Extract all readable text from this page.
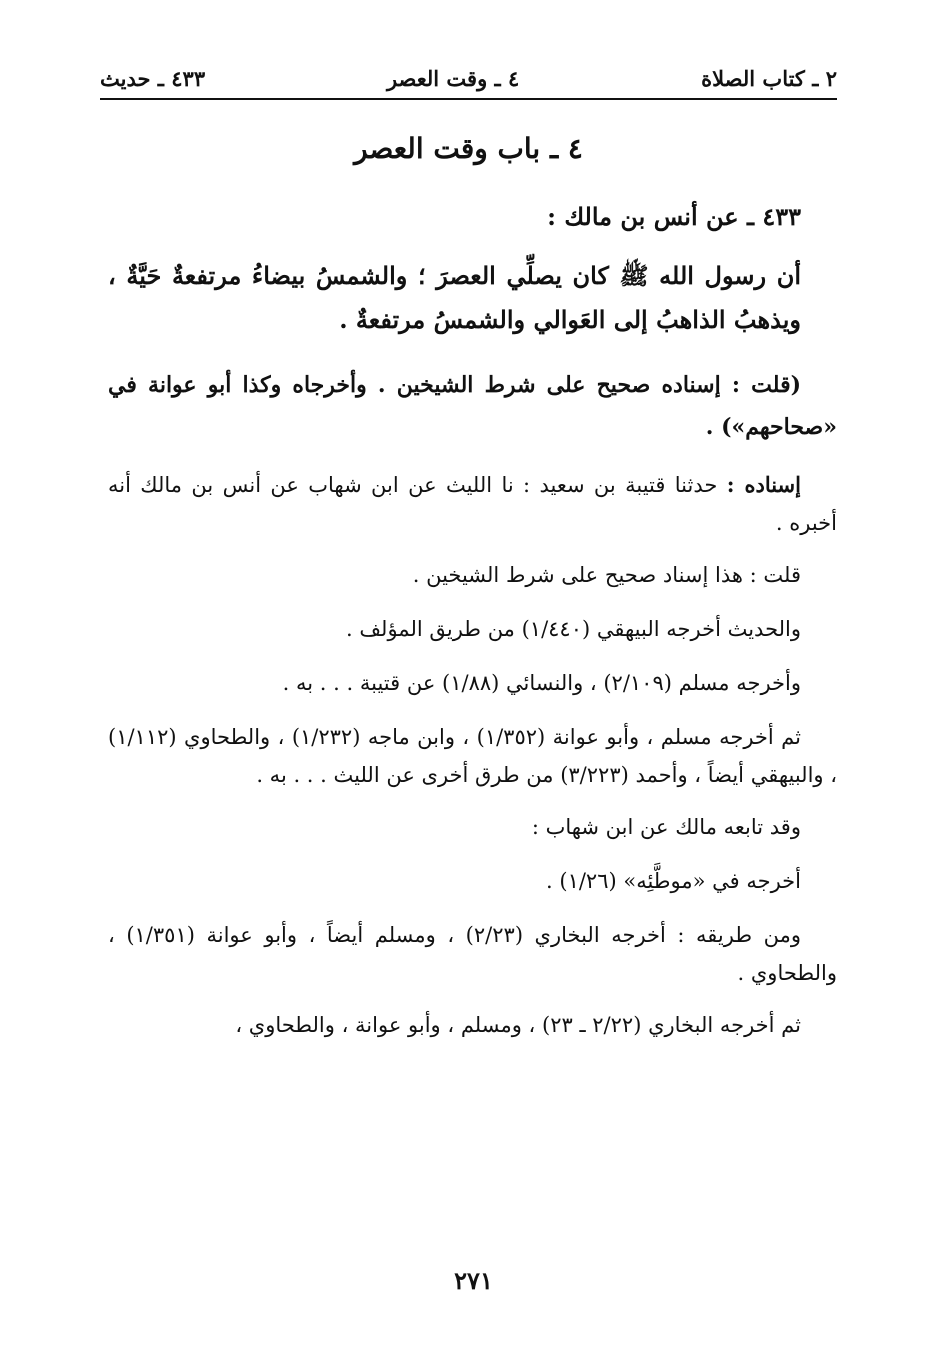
٢ ـ كتاب الصلاة
٤ ـ وقت العصر
٤٣٣ ـ حديث
٤ ـ باب وقت العصر

٤٣٣ ـ عن أنس بن مالك :

أن رسول الله ﷺ كان يصلِّي العصرَ ؛ والشمسُ بيضاءُ مرتفعةٌ حَيَّةٌ ، ويذهبُ الذاهبُ إلى العَوالي والشمسُ مرتفعةٌ .

(قلت : إسناده صحيح على شرط الشيخين . وأخرجاه وكذا أبو عوانة في «صحاحهم») .

إسناده : حدثنا قتيبة بن سعيد : نا الليث عن ابن شهاب عن أنس بن مالك أنه أخبره .

قلت : هذا إسناد صحيح على شرط الشيخين .

والحديث أخرجه البيهقي (١/٤٤٠) من طريق المؤلف .

وأخرجه مسلم (٢/١٠٩) ، والنسائي (١/٨٨) عن قتيبة . . . به .

ثم أخرجه مسلم ، وأبو عوانة (١/٣٥٢) ، وابن ماجه (١/٢٣٢) ، والطحاوي (١/١١٢) ، والبيهقي أيضاً ، وأحمد (٣/٢٢٣) من طرق أخرى عن الليث . . . به .

وقد تابعه مالك عن ابن شهاب :

أخرجه في «موطَّئِه» (١/٢٦) .

ومن طريقه : أخرجه البخاري (٢/٢٣) ، ومسلم أيضاً ، وأبو عوانة (١/٣٥١) ، والطحاوي .

ثم أخرجه البخاري (٢/٢٢ ـ ٢٣) ، ومسلم ، وأبو عوانة ، والطحاوي ،

٢٧١
